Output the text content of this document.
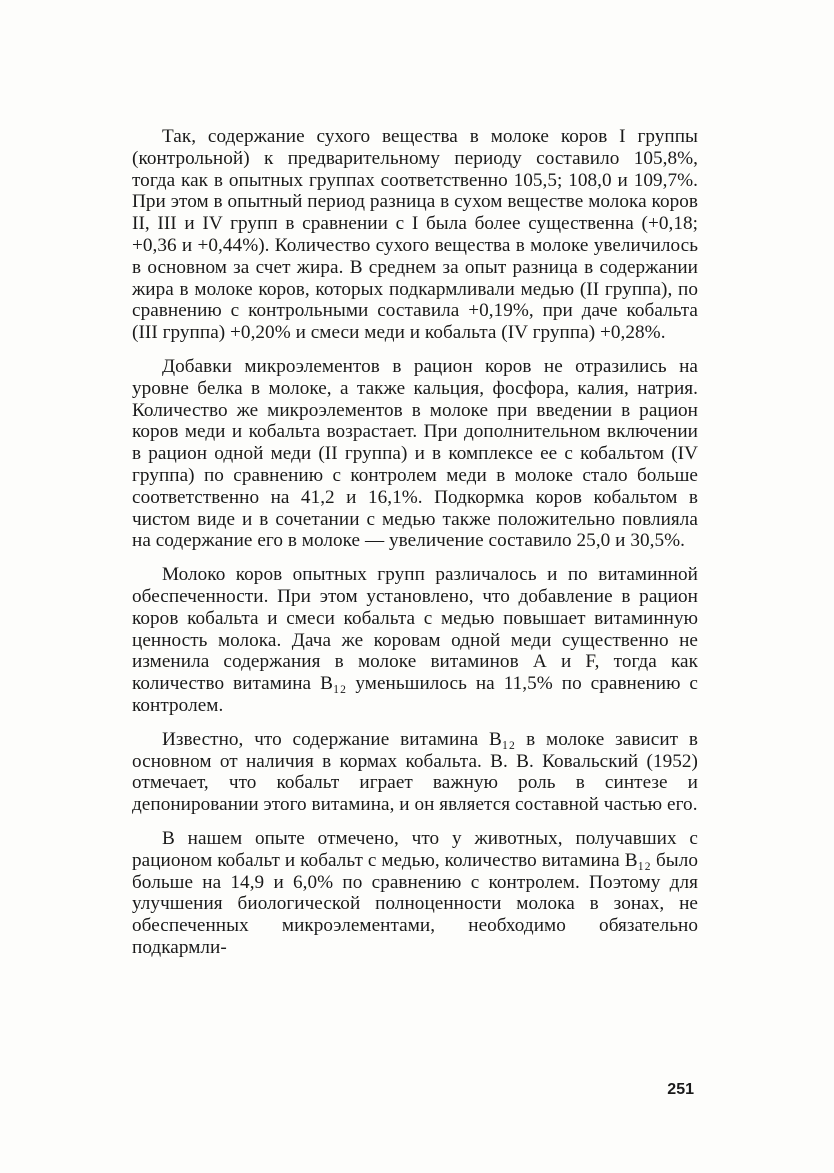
Так, содержание сухого вещества в молоке коров I группы (контрольной) к предварительному периоду составило 105,8%, тогда как в опытных группах соответственно 105,5; 108,0 и 109,7%. При этом в опытный период разница в сухом веществе молока коров II, III и IV групп в сравнении с I была более существенна (+0,18; +0,36 и +0,44%). Количество сухого вещества в молоке увеличилось в основном за счет жира. В среднем за опыт разница в содержании жира в молоке коров, которых подкармливали медью (II группа), по сравнению с контрольными составила +0,19%, при даче кобальта (III группа) +0,20% и смеси меди и кобальта (IV группа) +0,28%.

Добавки микроэлементов в рацион коров не отразились на уровне белка в молоке, а также кальция, фосфора, калия, натрия. Количество же микроэлементов в молоке при введении в рацион коров меди и кобальта возрастает. При дополнительном включении в рацион одной меди (II группа) и в комплексе ее с кобальтом (IV группа) по сравнению с контролем меди в молоке стало больше соответственно на 41,2 и 16,1%. Подкормка коров кобальтом в чистом виде и в сочетании с медью также положительно повлияла на содержание его в молоке — увеличение составило 25,0 и 30,5%.

Молоко коров опытных групп различалось и по витаминной обеспеченности. При этом установлено, что добавление в рацион коров кобальта и смеси кобальта с медью повышает витаминную ценность молока. Дача же коровам одной меди существенно не изменила содержания в молоке витаминов А и F, тогда как количество витамина B₁₂ уменьшилось на 11,5% по сравнению с контролем.

Известно, что содержание витамина B₁₂ в молоке зависит в основном от наличия в кормах кобальта. В. В. Ковальский (1952) отмечает, что кобальт играет важную роль в синтезе и депонировании этого витамина, и он является составной частью его.

В нашем опыте отмечено, что у животных, получавших с рационом кобальт и кобальт с медью, количество витамина B₁₂ было больше на 14,9 и 6,0% по сравнению с контролем. Поэтому для улучшения биологической полноценности молока в зонах, не обеспеченных микроэлементами, необходимо обязательно подкармли-

251
